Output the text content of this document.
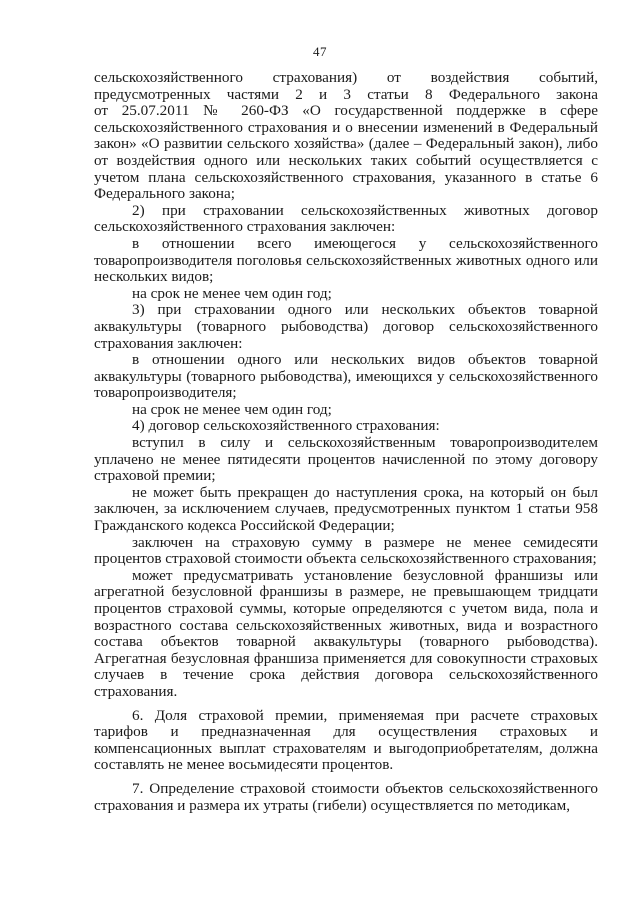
47
сельскохозяйственного страхования) от воздействия событий,
предусмотренных частями 2 и 3 статьи 8 Федерального закона
от 25.07.2011 № 260-ФЗ «О государственной поддержке в сфере
сельскохозяйственного страхования и о внесении изменений в Федеральный
закон» «О развитии сельского хозяйства» (далее – Федеральный закон), либо
от воздействия одного или нескольких таких событий осуществляется с
учетом плана сельскохозяйственного страхования, указанного в статье 6
Федерального закона;
2) при страховании сельскохозяйственных животных договор
сельскохозяйственного страхования заключен:
в отношении всего имеющегося у сельскохозяйственного
товаропроизводителя поголовья сельскохозяйственных животных одного или
нескольких видов;
на срок не менее чем один год;
3) при страховании одного или нескольких объектов товарной
аквакультуры (товарного рыбоводства) договор сельскохозяйственного
страхования заключен:
в отношении одного или нескольких видов объектов товарной
аквакультуры (товарного рыбоводства), имеющихся у сельскохозяйственного
товаропроизводителя;
на срок не менее чем один год;
4) договор сельскохозяйственного страхования:
вступил в силу и сельскохозяйственным товаропроизводителем
уплачено не менее пятидесяти процентов начисленной по этому договору
страховой премии;
не может быть прекращен до наступления срока, на который он был
заключен, за исключением случаев, предусмотренных пунктом 1 статьи 958
Гражданского кодекса Российской Федерации;
заключен на страховую сумму в размере не менее семидесяти
процентов страховой стоимости объекта сельскохозяйственного страхования;
может предусматривать установление безусловной франшизы или
агрегатной безусловной франшизы в размере, не превышающем тридцати
процентов страховой суммы, которые определяются с учетом вида, пола и
возрастного состава сельскохозяйственных животных, вида и возрастного
состава объектов товарной аквакультуры (товарного рыбоводства).
Агрегатная безусловная франшиза применяется для совокупности страховых
случаев в течение срока действия договора сельскохозяйственного
страхования.
6. Доля страховой премии, применяемая при расчете страховых
тарифов и предназначенная для осуществления страховых и
компенсационных выплат страхователям и выгодоприобретателям, должна
составлять не менее восьмидесяти процентов.
7. Определение страховой стоимости объектов сельскохозяйственного
страхования и размера их утраты (гибели) осуществляется по методикам,
